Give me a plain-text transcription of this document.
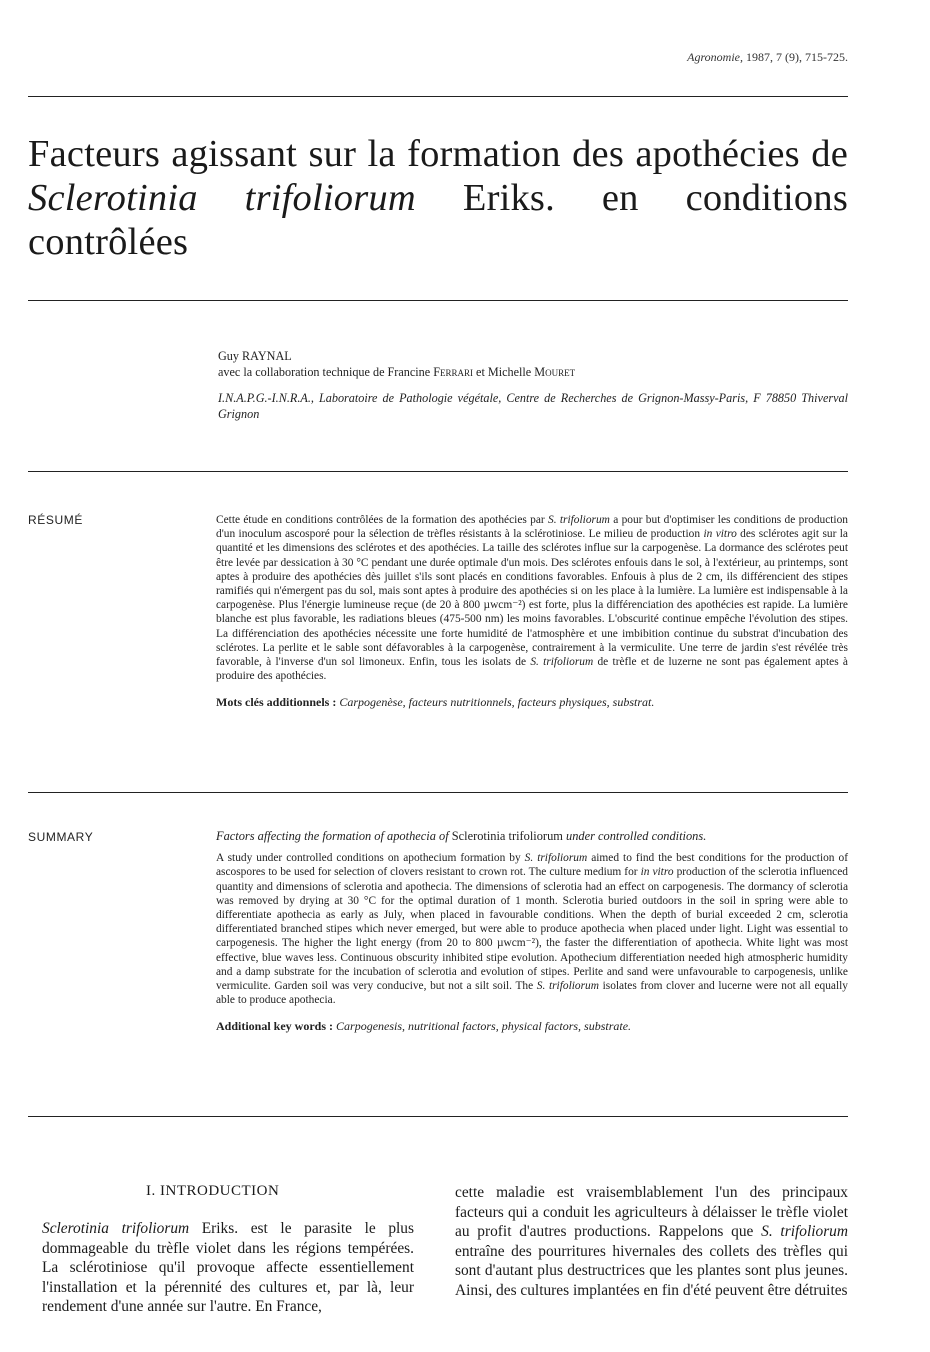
Agronomie, 1987, 7 (9), 715-725.
Facteurs agissant sur la formation des apothécies de Sclerotinia trifoliorum Eriks. en conditions contrôlées
Guy RAYNAL
avec la collaboration technique de Francine Ferrari et Michelle Mouret
I.N.A.P.G.-I.N.R.A., Laboratoire de Pathologie végétale, Centre de Recherches de Grignon-Massy-Paris, F 78850 Thiverval Grignon
RÉSUMÉ	Cette étude en conditions contrôlées de la formation des apothécies par S. trifoliorum a pour but d'optimiser les conditions de production d'un inoculum ascosporé pour la sélection de trèfles résistants à la sclérotiniose. Le milieu de production in vitro des sclérotes agit sur la quantité et les dimensions des sclérotes et des apothécies. La taille des sclérotes influe sur la carpogenèse. La dormance des sclérotes peut être levée par dessication à 30 °C pendant une durée optimale d'un mois. Des sclérotes enfouis dans le sol, à l'extérieur, au printemps, sont aptes à produire des apothécies dès juillet s'ils sont placés en conditions favorables. Enfouis à plus de 2 cm, ils différencient des stipes ramifiés qui n'émergent pas du sol, mais sont aptes à produire des apothécies si on les place à la lumière. La lumière est indispensable à la carpogenèse. Plus l'énergie lumineuse reçue (de 20 à 800 µwcm⁻²) est forte, plus la différenciation des apothécies est rapide. La lumière blanche est plus favorable, les radiations bleues (475-500 nm) les moins favorables. L'obscurité continue empêche l'évolution des stipes. La différenciation des apothécies nécessite une forte humidité de l'atmosphère et une imbibition continue du substrat d'incubation des sclérotes. La perlite et le sable sont défavorables à la carpogenèse, contrairement à la vermiculite. Une terre de jardin s'est révélée très favorable, à l'inverse d'un sol limoneux. Enfin, tous les isolats de S. trifoliorum de trèfle et de luzerne ne sont pas également aptes à produire des apothécies.

Mots clés additionnels : Carpogenèse, facteurs nutritionnels, facteurs physiques, substrat.

SUMMARY	Factors affecting the formation of apothecia of Sclerotinia trifoliorum under controlled conditions.

A study under controlled conditions on apothecium formation by S. trifoliorum aimed to find the best conditions for the production of ascospores to be used for selection of clovers resistant to crown rot. The culture medium for in vitro production of the sclerotia influenced quantity and dimensions of sclerotia and apothecia. The dimensions of sclerotia had an effect on carpogenesis. The dormancy of sclerotia was removed by drying at 30 °C for the optimal duration of 1 month. Sclerotia buried outdoors in the soil in spring were able to differentiate apothecia as early as July, when placed in favourable conditions. When the depth of burial exceeded 2 cm, sclerotia differentiated branched stipes which never emerged, but were able to produce apothecia when placed under light. Light was essential to carpogenesis. The higher the light energy (from 20 to 800 µwcm⁻²), the faster the differentiation of apothecia. White light was most effective, blue waves less. Continuous obscurity inhibited stipe evolution. Apothecium differentiation needed high atmospheric humidity and a damp substrate for the incubation of sclerotia and evolution of stipes. Perlite and sand were unfavourable to carpogenesis, unlike vermiculite. Garden soil was very conducive, but not a silt soil. The S. trifoliorum isolates from clover and lucerne were not all equally able to produce apothecia.

Additional key words : Carpogenesis, nutritional factors, physical factors, substrate.

I. INTRODUCTION

Sclerotinia trifoliorum Eriks. est le parasite le plus dommageable du trèfle violet dans les régions tempérées. La sclérotiniose qu'il provoque affecte essentiellement l'installation et la pérennité des cultures et, par là, leur rendement d'une année sur l'autre. En France,

cette maladie est vraisemblablement l'un des principaux facteurs qui a conduit les agriculteurs à délaisser le trèfle violet au profit d'autres productions. Rappelons que S. trifoliorum entraîne des pourritures hivernales des collets des trèfles qui sont d'autant plus destructrices que les plantes sont plus jeunes. Ainsi, des cultures implantées en fin d'été peuvent être détruites
